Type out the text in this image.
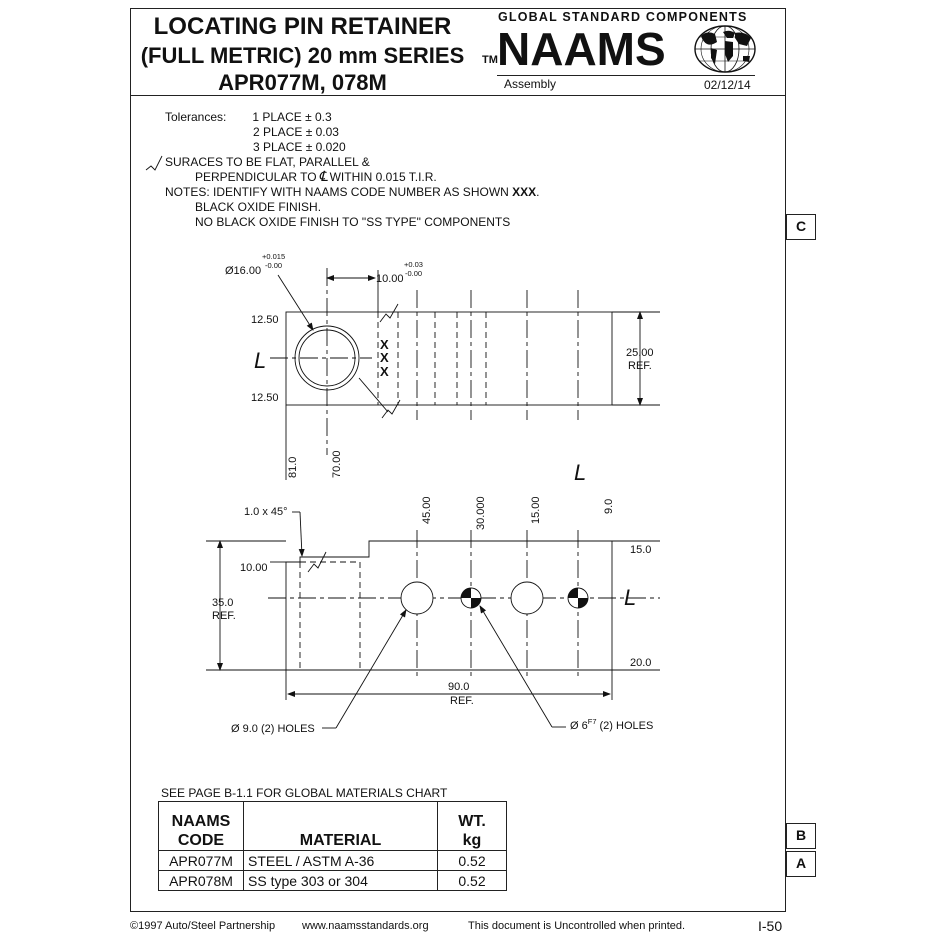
LOCATING PIN RETAINER
(FULL METRIC) 20 mm SERIES
APR077M, 078M
GLOBAL STANDARD COMPONENTS
TM NAAMS
Assembly	02/12/14
Tolerances: 1 PLACE ± 0.3
2 PLACE ± 0.03
3 PLACE ± 0.020
SURACES TO BE FLAT, PARALLEL &
PERPENDICULAR TO ℄ WITHIN 0.015 T.I.R.
NOTES: IDENTIFY WITH NAAMS CODE NUMBER AS SHOWN XXX.
BLACK OXIDE FINISH.
NO BLACK OXIDE FINISH TO "SS TYPE" COMPONENTS	C
B
A
Ø16.00
+0.015
-0.00
10.00
+0.03
-0.00
12.50
12.50
25.00
REF.
L
X
X
X
81.0	70.00	L
L
1.0 x 45°	45.00	30.000	15.00	9.0
15.0
10.00
35.0
REF.
20.0
90.0
REF.
Ø 9.0 (2) HOLES	Ø $6^{F7}$ (2) HOLES
SEE PAGE B-1.1 FOR GLOBAL MATERIALS CHART
NAAMS
CODE	MATERIAL	WT.
kg
APR077M	STEEL / ASTM A-36	0.52
APR078M	SS type 303 or 304	0.52
©1997 Auto/Steel Partnership www.naamsstandards.org	This document is Uncontrolled when printed.	I-50
